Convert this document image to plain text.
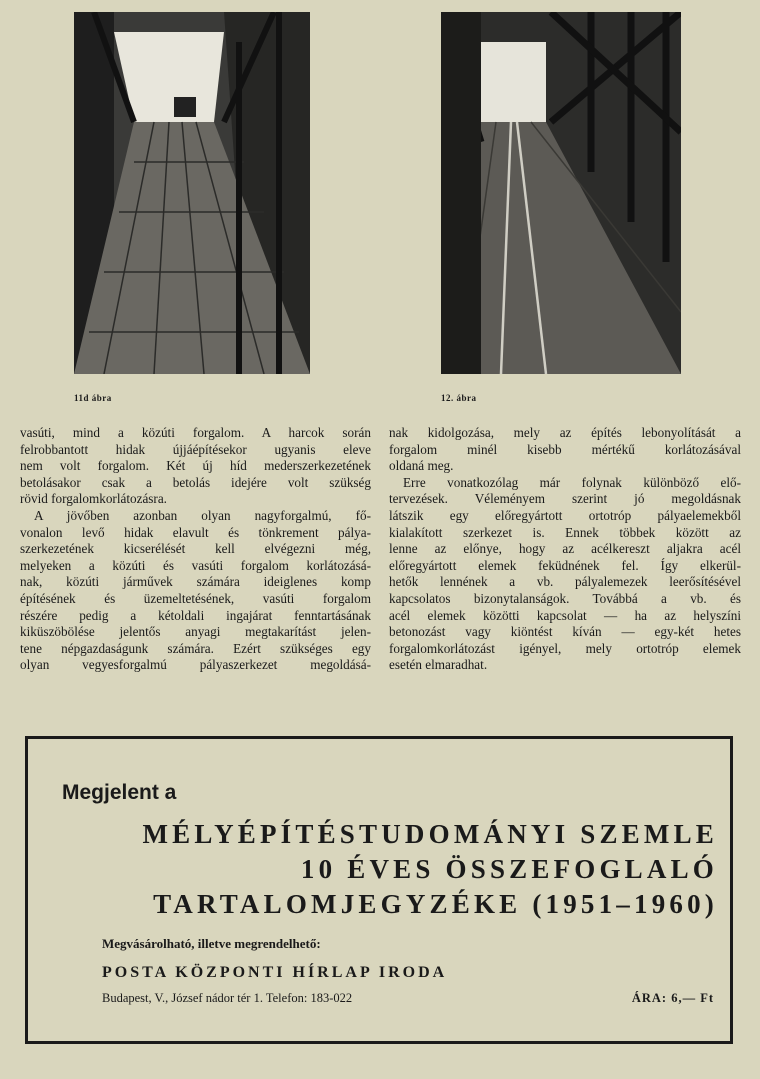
11d ábra	12. ábra
vasúti, mind a közúti forgalom. A harcok során
felrobbantott hidak újjáépítésekor ugyanis eleve
nem volt forgalom. Két új híd mederszerkezetének
betolásakor csak a betolás idejére volt szükség
rövid forgalomkorlátozásra.
A jövőben azonban olyan nagyforgalmú, fő-
vonalon levő hidak elavult és tönkrement pálya-
szerkezetének kicserélését kell elvégezni még,
melyeken a közúti és vasúti forgalom korlátozásá-
nak, közúti járművek számára ideiglenes komp
építésének és üzemeltetésének, vasúti forgalom
részére pedig a kétoldali ingajárat fenntartásának
kiküszöbölése jelentős anyagi megtakarítást jelen-
tene népgazdaságunk számára. Ezért szükséges egy
olyan vegyesforgalmú pályaszerkezet megoldásá-
nak kidolgozása, mely az építés lebonyolítását a
forgalom minél kisebb mértékű korlátozásával
oldaná meg.
Erre vonatkozólag már folynak különböző elő-
tervezések. Véleményem szerint jó megoldásnak
látszik egy előregyártott ortotróp pályaelemekből
kialakított szerkezet is. Ennek többek között az
lenne az előnye, hogy az acélkereszt aljakra acél
előregyártott elemek feküdnének fel. Így elkerül-
hetők lennének a vb. pályalemezek leerősítésével
kapcsolatos bizonytalanságok. Továbbá a vb. és
acél elemek közötti kapcsolat — ha az helyszíni
betonozást vagy kiöntést kíván — egy-két hetes
forgalomkorlátozást igényel, mely ortotróp elemek
esetén elmaradhat.
Megjelent a
MÉLYÉPÍTÉSTUDOMÁNYI SZEMLE
10 ÉVES ÖSSZEFOGLALÓ
TARTALOMJEGYZÉKE (1951–1960)
Megvásárolható, illetve megrendelhető:
POSTA KÖZPONTI HÍRLAP IRODA
Budapest, V., József nádor tér 1. Telefon: 183-022	ÁRA: 6,— Ft
